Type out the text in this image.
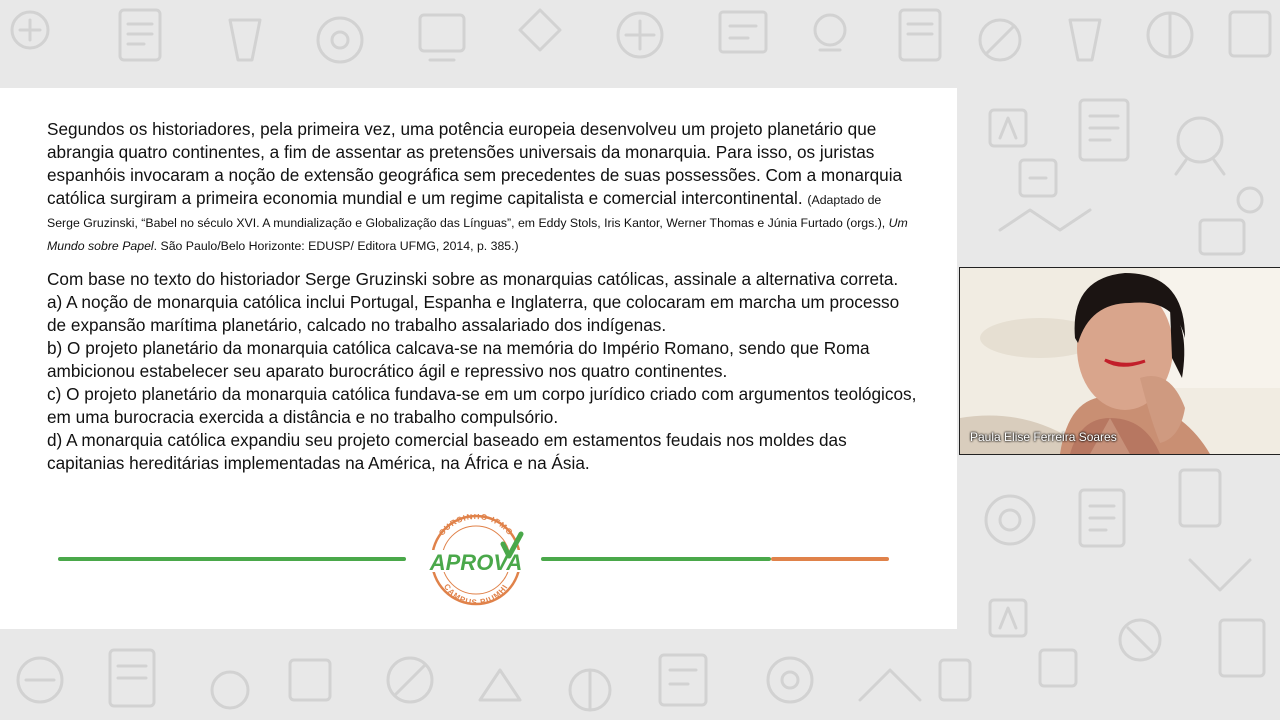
Segundos os historiadores, pela primeira vez, uma potência europeia desenvolveu um projeto planetário que abrangia quatro continentes, a fim de assentar as pretensões universais da monarquia. Para isso, os juristas espanhóis invocaram a noção de extensão geográfica sem precedentes de suas possessões. Com a monarquia católica surgiram a primeira economia mundial e um regime capitalista e comercial intercontinental. (Adaptado de Serge Gruzinski, “Babel no século XVI. A mundialização e Globalização das Línguas”, em Eddy Stols, Iris Kantor, Werner Thomas e Júnia Furtado (orgs.), Um Mundo sobre Papel. São Paulo/Belo Horizonte: EDUSP/ Editora UFMG, 2014, p. 385.)

Com base no texto do historiador Serge Gruzinski sobre as monarquias católicas, assinale a alternativa correta.

a) A noção de monarquia católica inclui Portugal, Espanha e Inglaterra, que colocaram em marcha um processo de expansão marítima planetário, calcado no trabalho assalariado dos indígenas.

b) O projeto planetário da monarquia católica calcava-se na memória do Império Romano, sendo que Roma ambicionou estabelecer seu aparato burocrático ágil e repressivo nos quatro continentes.

c) O projeto planetário da monarquia católica fundava-se em um corpo jurídico criado com argumentos teológicos, em uma burocracia exercida a distância e no trabalho compulsório.

d) A monarquia católica expandiu seu projeto comercial baseado em estamentos feudais nos moldes das capitanias hereditárias implementadas na América, na África e na Ásia.

CURSINHO IFMG
CAMPUS PIUMHI
APROVA
Paula Elise Ferreira Soares
